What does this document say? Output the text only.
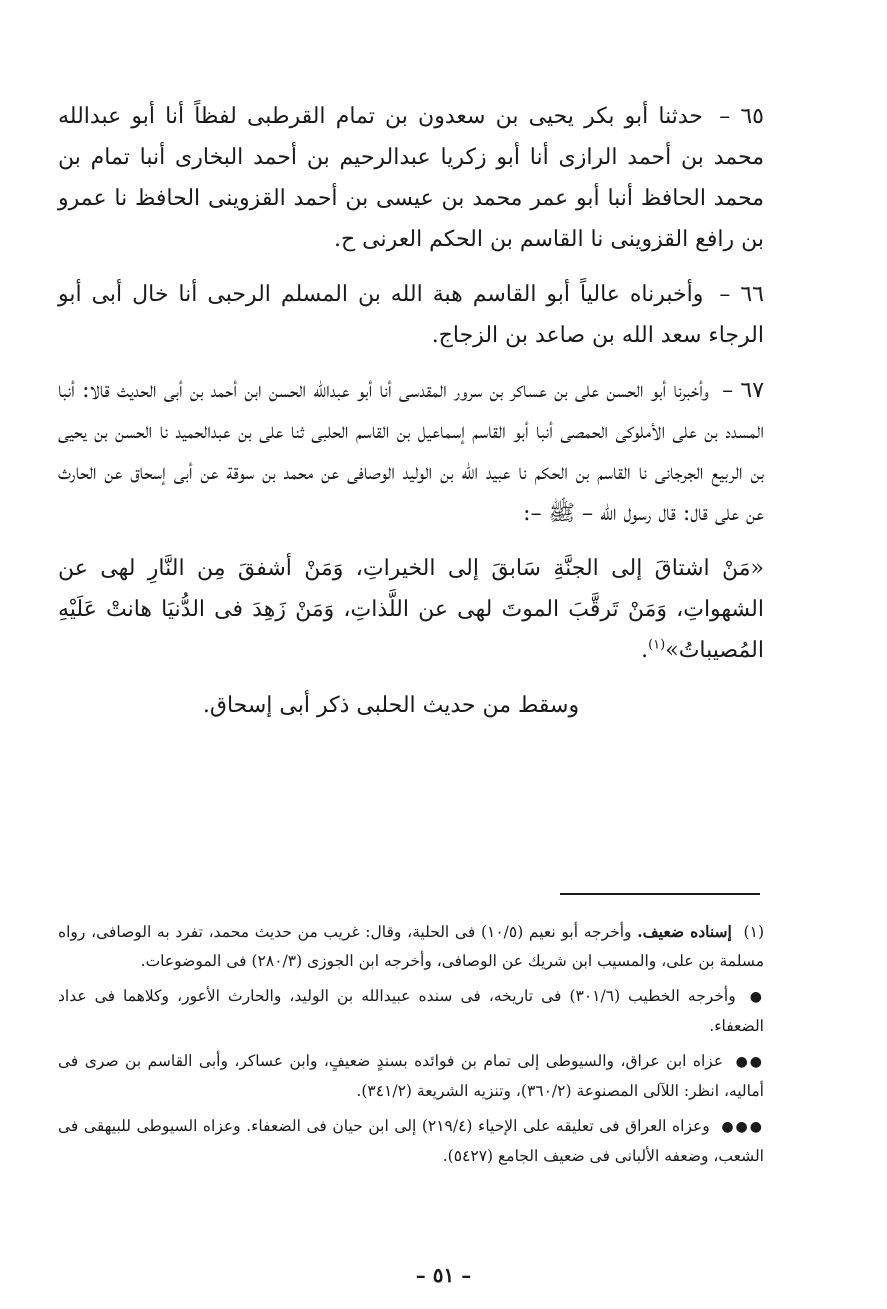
٦٥ – حدثنا أبو بكر يحيى بن سعدون بن تمام القرطبى لفظاً أنا أبو عبدالله محمد بن أحمد الرازى أنا أبو زكريا عبدالرحيم بن أحمد البخارى أنبا تمام بن محمد الحافظ أنبا أبو عمر محمد بن عيسى بن أحمد القزوينى الحافظ نا عمرو بن رافع القزوينى نا القاسم بن الحكم العرنى ح.

٦٦ – وأخبرناه عالياً أبو القاسم هبة الله بن المسلم الرحبى أنا خال أبى أبو الرجاء سعد الله بن صاعد بن الزجاج.

٦٧ – وأخبرنا أبو الحسن على بن عساكر بن سرور المقدسى أنا أبو عبدالله الحسن ابن أحمد بن أبى الحديث قالا: أنبا المسدد بن على الأملوكى الحمصى أنبا أبو القاسم إسماعيل بن القاسم الحلبى ثنا على بن عبدالحميد نا الحسن بن يحيى بن الربيع الجرجانى نا القاسم بن الحكم نا عبيد الله بن الوليد الوصافى عن محمد بن سوقة عن أبى إسحاق عن الحارث عن على قال: قال رسول الله – ﷺ –:

«مَنْ اشتاقَ إلى الجنَّةِ سَابقَ إلى الخيراتِ، وَمَنْ أشفقَ مِن النَّارِ لهى عن الشهواتِ، وَمَنْ تَرقَّبَ الموتَ لهى عن اللَّذاتِ، وَمَنْ زَهِدَ فى الدُّنيَا هانتْ عَلَيْهِ المُصيباتُ»$^{(١)}$.

وسقط من حديث الحلبى ذكر أبى إسحاق.

(١) إسناده ضعيف. وأخرجه أبو نعيم (١٠/٥) فى الحلية، وقال: غريب من حديث محمد، تفرد به الوصافى، رواه مسلمة بن على، والمسيب ابن شريك عن الوصافى، وأخرجه ابن الجوزى (٢٨٠/٣) فى الموضوعات.

● وأخرجه الخطيب (٣٠١/٦) فى تاريخه، فى سنده عبيدالله بن الوليد، والحارث الأعور، وكلاهما فى عداد الضعفاء.

●● عزاه ابن عراق، والسيوطى إلى تمام بن فوائده بسندٍ ضعيفٍ، وابن عساكر، وأبى القاسم بن صرى فى أماليه، انظر: اللآلى المصنوعة (٣٦٠/٢)، وتنزيه الشريعة (٣٤١/٢).

●●● وعزاه العراق فى تعليقه على الإحياء (٢١٩/٤) إلى ابن حيان فى الضعفاء. وعزاه السيوطى للبيهقى فى الشعب، وضعفه الألبانى فى ضعيف الجامع (٥٤٢٧).

– ٥١ –
